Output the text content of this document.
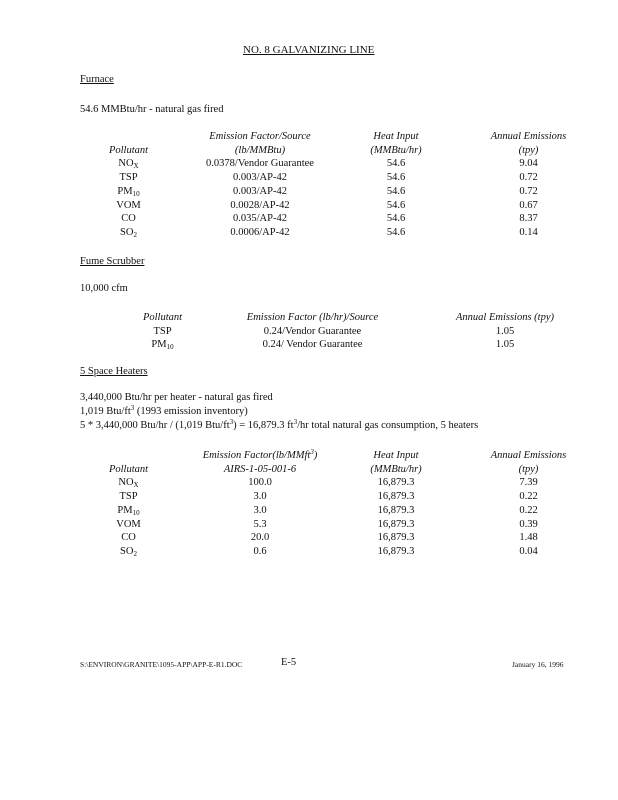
NO. 8 GALVANIZING LINE
Furnace
54.6 MMBtu/hr - natural gas fired
	Emission Factor/Source	Heat Input	Annual Emissions
Pollutant	(lb/MMBtu)	(MMBtu/hr)	(tpy)
$NO_X$	0.0378/Vendor Guarantee	54.6	9.04
TSP	0.003/AP-42	54.6	0.72
$PM_{10}$	0.003/AP-42	54.6	0.72
VOM	0.0028/AP-42	54.6	0.67
CO	0.035/AP-42	54.6	8.37
$SO_2$	0.0006/AP-42	54.6	0.14
Fume Scrubber
10,000 cfm
Pollutant	Emission Factor (lb/hr)/Source	Annual Emissions (tpy)
TSP	0.24/Vendor Guarantee	1.05
$PM_{10}$	0.24/ Vendor Guarantee	1.05
5 Space Heaters
3,440,000 Btu/hr per heater - natural gas fired
1,019 Btu/$ft^3$ (1993 emission inventory)
5 * 3,440,000 Btu/hr / (1,019 Btu/$ft^3) = 16,879.3$ $ft^3/hr$ total natural gas consumption, 5 heaters
	Emission Factor(lb/MMft$^3$)	Heat Input	Annual Emissions
Pollutant	AIRS-1-05-001-6	(MMBtu/hr)	(tpy)
$NO_X$	100.0	16,879.3	7.39
TSP	3.0	16,879.3	0.22
$PM_{10}$	3.0	16,879.3	0.22
VOM	5.3	16,879.3	0.39
CO	20.0	16,879.3	1.48
$SO_2$	0.6	16,879.3	0.04
S:\ENVIRON\GRANITE\1095-APP\APP-E-R1.DOC	E-5	January 16, 1996
